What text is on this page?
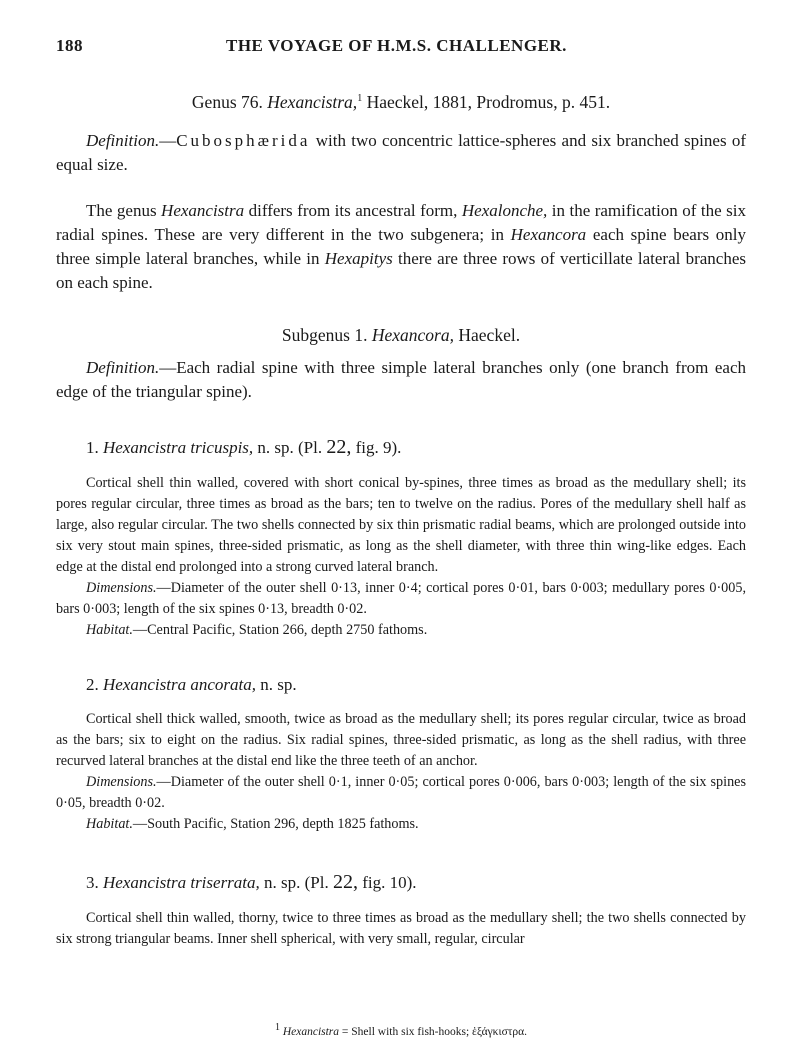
188	THE VOYAGE OF H.M.S. CHALLENGER.
Genus 76. Hexancistra,$^1$ Haeckel, 1881, Prodromus, p. 451.

Definition.—Cubosphærida with two concentric lattice-spheres and six branched spines of equal size.

The genus Hexancistra differs from its ancestral form, Hexalonche, in the ramification of the six radial spines. These are very different in the two subgenera; in Hexancora each spine bears only three simple lateral branches, while in Hexapitys there are three rows of verticillate lateral branches on each spine.

Subgenus 1. Hexancora, Haeckel.

Definition.—Each radial spine with three simple lateral branches only (one branch from each edge of the triangular spine).

1. Hexancistra tricuspis, n. sp. (Pl. 22, fig. 9).

Cortical shell thin walled, covered with short conical by-spines, three times as broad as the medullary shell; its pores regular circular, three times as broad as the bars; ten to twelve on the radius. Pores of the medullary shell half as large, also regular circular. The two shells connected by six thin prismatic radial beams, which are prolonged outside into six very stout main spines, three-sided prismatic, as long as the shell diameter, with three thin wing-like edges. Each edge at the distal end prolonged into a strong curved lateral branch.

Dimensions.—Diameter of the outer shell 0·13, inner 0·4; cortical pores 0·01, bars 0·003; medullary pores 0·005, bars 0·003; length of the six spines 0·13, breadth 0·02.

Habitat.—Central Pacific, Station 266, depth 2750 fathoms.

2. Hexancistra ancorata, n. sp.

Cortical shell thick walled, smooth, twice as broad as the medullary shell; its pores regular circular, twice as broad as the bars; six to eight on the radius. Six radial spines, three-sided prismatic, as long as the shell radius, with three recurved lateral branches at the distal end like the three teeth of an anchor.

Dimensions.—Diameter of the outer shell 0·1, inner 0·05; cortical pores 0·006, bars 0·003; length of the six spines 0·05, breadth 0·02.

Habitat.—South Pacific, Station 296, depth 1825 fathoms.

3. Hexancistra triserrata, n. sp. (Pl. 22, fig. 10).

Cortical shell thin walled, thorny, twice to three times as broad as the medullary shell; the two shells connected by six strong triangular beams. Inner shell spherical, with very small, regular, circular

$^1$ Hexancistra = Shell with six fish-hooks; ἑξάγκιστρα.
